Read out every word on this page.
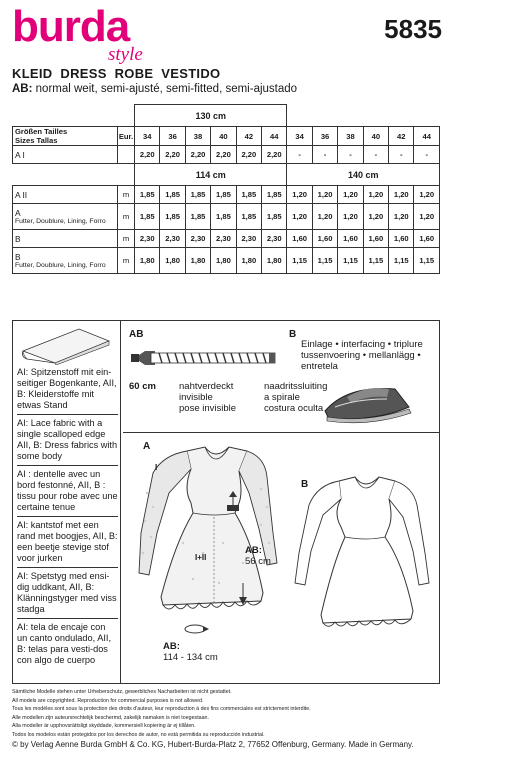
burda
style
5835
KLEID DRESS ROBE VESTIDO
AB: normal weit, semi-ajusté, semi-fitted, semi-ajustado
		130 cm											
Größen Tailles
Sizes Tallas	Eur.	34	36	38	40	42	44	34	36	38	40	42	44
A I		2,20	2,20	2,20	2,20	2,20	2,20	-	-	-	-	-	-
		114 cm						140 cm					
A II	m	1,85	1,85	1,85	1,85	1,85	1,85	1,20	1,20	1,20	1,20	1,20	1,20
A
Futter, Doublure, Lining, Forro	m	1,85	1,85	1,85	1,85	1,85	1,85	1,20	1,20	1,20	1,20	1,20	1,20
B	m	2,30	2,30	2,30	2,30	2,30	2,30	1,60	1,60	1,60	1,60	1,60	1,60
B
Futter, Doublure, Lining, Forro	m	1,80	1,80	1,80	1,80	1,80	1,80	1,15	1,15	1,15	1,15	1,15	1,15

AI: Spitzenstoff mit ein-seitiger Bogenkante, AII, B: Kleiderstoffe mit etwas Stand

AI: Lace fabric with a single scalloped edge AII, B: Dress fabrics with some body

AI : dentelle avec un bord festonné, AII, B : tissu pour robe avec une certaine tenue

AI: kantstof met een rand met boogjes, AII, B: een beetje stevige stof voor jurken

AI: Spetstyg med ensi-dig uddkant, AII, B: Klänningstyger med viss stadga

AI: tela de encaje con un canto ondulado, AII, B: telas para vesti-dos con algo de cuerpo

AB
60 cm nahtverdeckt
invisible
pose invisible
naadritssluiting
a spirale
costura oculta
B
Einlage • interfacing • triplure
tussenvoering • mellanlägg •
entretela
A
B
I
I+II
AB:
56 cm
AB:
114 - 134 cm
Sämtliche Modelle stehen unter Urheberschutz, gewerbliches Nacharbeiten ist nicht gestattet.
All models are copyrighted. Reproduction for commercial purposes is not allowed.
Tous les modèles sont sous la protection des droits d'auteur, leur reproduction à des fins commerciales est strictement interdite.
Alle modellen zijn auteursrechtelijk beschermd, zakelijk namaken is niet toegestaan.
Alla modeller är upphovsrättsligt skyddade, kommersiell kopiering är ej tillåten.
Todos los modelos están protegidos por los derechos de autor, no está permitida su reproducción industrial.
© by Verlag Aenne Burda GmbH & Co. KG, Hubert-Burda-Platz 2, 77652 Offenburg, Germany. Made in Germany.
